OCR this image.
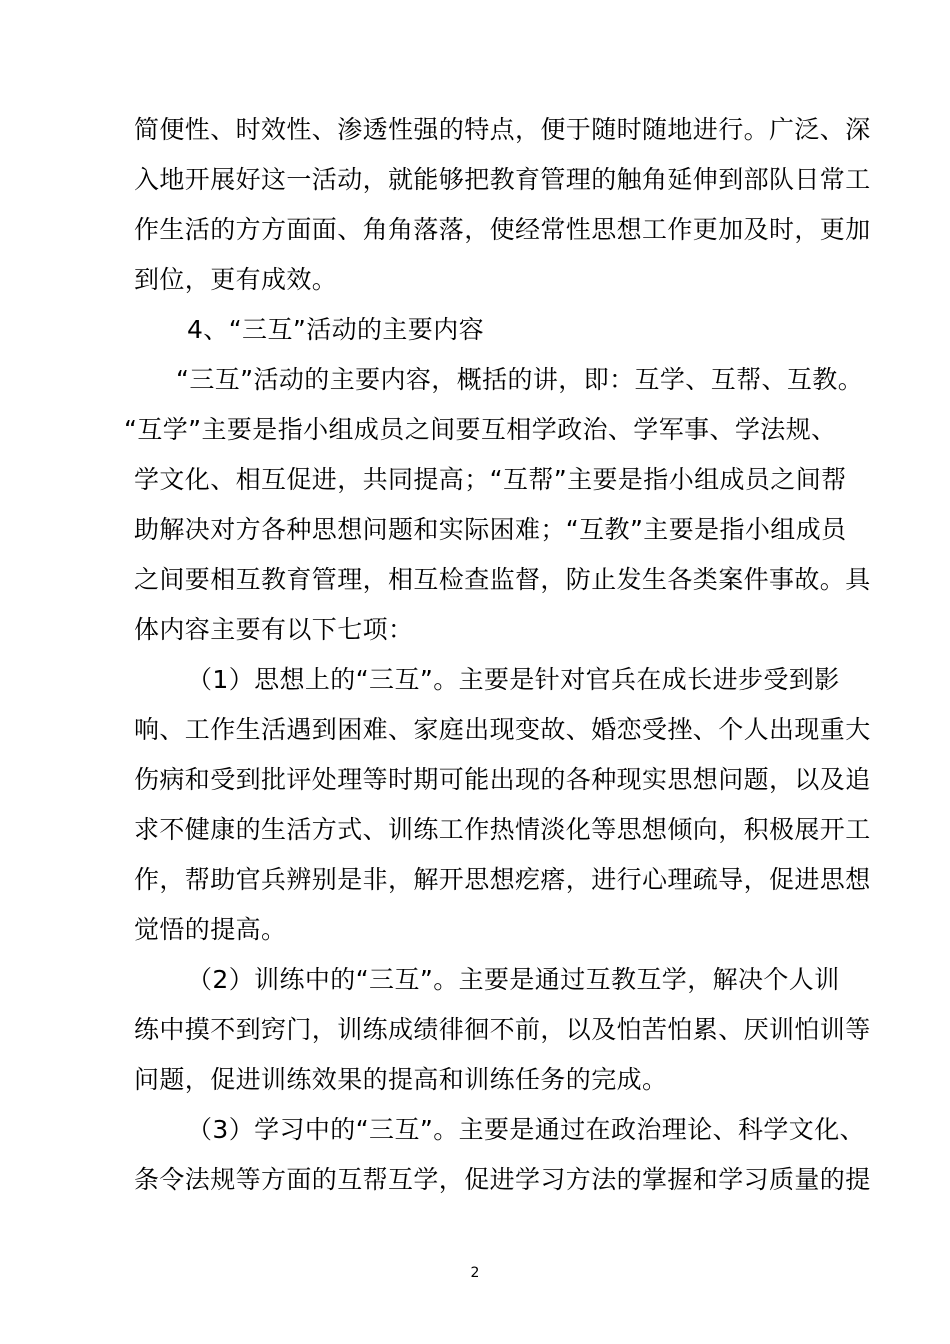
简便性、时效性、渗透性强的特点，便于随时随地进行。广泛、深
入地开展好这一活动，就能够把教育管理的触角延伸到部队日常工
作生活的方方面面、角角落落，使经常性思想工作更加及时，更加
到位，更有成效。
4、“三互”活动的主要内容
“三互”活动的主要内容，概括的讲，即：互学、互帮、互教。
“互学”主要是指小组成员之间要互相学政治、学军事、学法规、
学文化、相互促进，共同提高；“互帮”主要是指小组成员之间帮
助解决对方各种思想问题和实际困难；“互教”主要是指小组成员
之间要相互教育管理，相互检查监督，防止发生各类案件事故。具
体内容主要有以下七项：
（1）思想上的“三互”。主要是针对官兵在成长进步受到影
响、工作生活遇到困难、家庭出现变故、婚恋受挫、个人出现重大
伤病和受到批评处理等时期可能出现的各种现实思想问题，以及追
求不健康的生活方式、训练工作热情淡化等思想倾向，积极展开工
作，帮助官兵辨别是非，解开思想疙瘩，进行心理疏导，促进思想
觉悟的提高。
（2）训练中的“三互”。主要是通过互教互学，解决个人训
练中摸不到窍门，训练成绩徘徊不前，以及怕苦怕累、厌训怕训等
问题，促进训练效果的提高和训练任务的完成。
（3）学习中的“三互”。主要是通过在政治理论、科学文化、
条令法规等方面的互帮互学，促进学习方法的掌握和学习质量的提
2
